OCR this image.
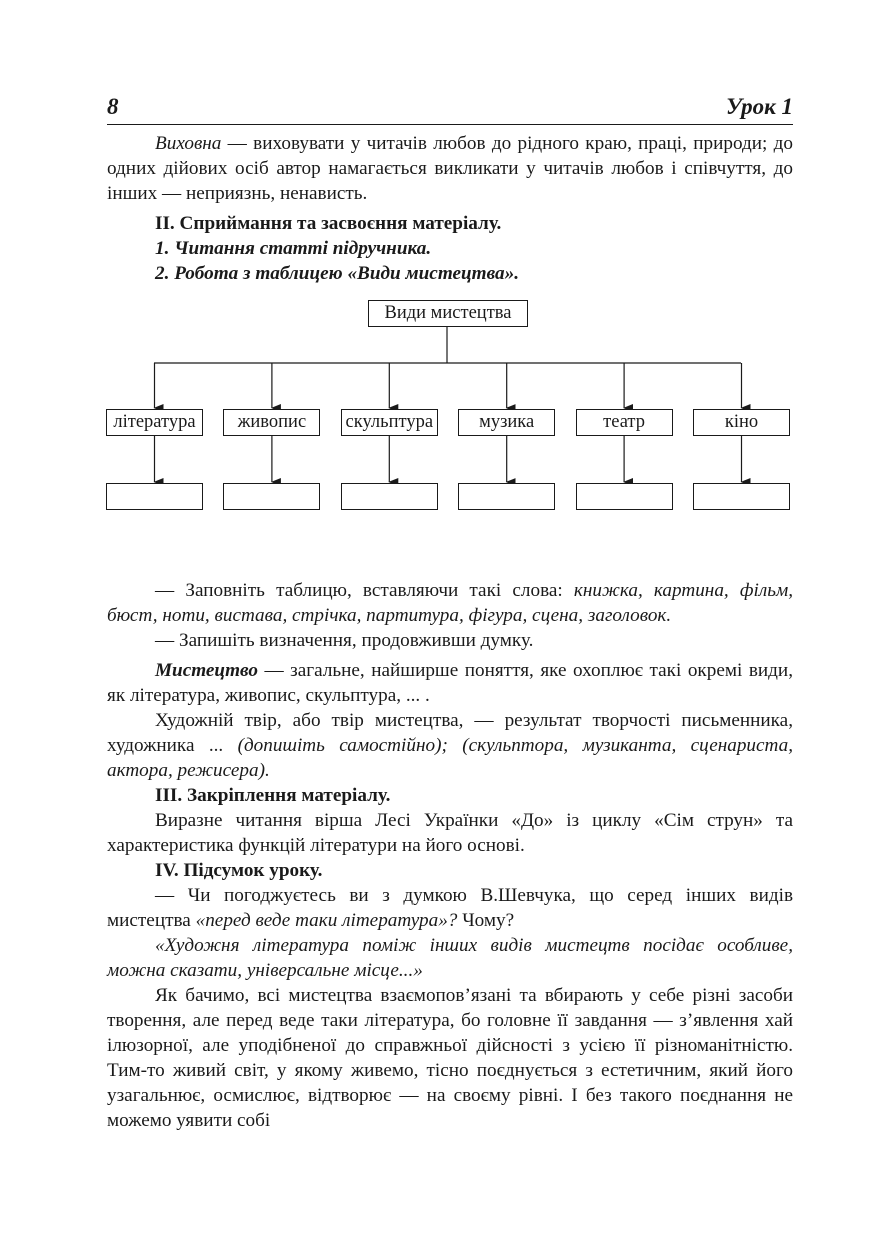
8	Урок 1

Виховна — виховувати у читачів любов до рідного краю, праці, природи; до одних дійових осіб автор намагається викликати у читачів любов і співчуття, до інших — неприязнь, ненависть.

ІІ. Сприймання та засвоєння матеріалу.

1. Читання статті підручника.

2. Робота з таблицею «Види мистецтва».

Види мистецтва
література	живопис	скульптура	музика	театр	кіно

— Заповніть таблицю, вставляючи такі слова: книжка, картина, фільм, бюст, ноти, вистава, стрічка, партитура, фігура, сцена, заголовок.

— Запишіть визначення, продовживши думку.

Мистецтво — загальне, найширше поняття, яке охоплює такі окремі види, як література, живопис, скульптура, ... .

Художній твір, або твір мистецтва, — результат творчості письменника, художника ... (допишіть самостійно); (скульптора, музиканта, сценариста, актора, режисера).

ІІІ. Закріплення матеріалу.

Виразне читання вірша Лесі Українки «До» із циклу «Сім струн» та характеристика функцій літератури на його основі.

IV. Підсумок уроку.

— Чи погоджуєтесь ви з думкою В.Шевчука, що серед інших видів мистецтва «перед веде таки література»? Чому?

«Художня література поміж інших видів мистецтв посідає особливе, можна сказати, універсальне місце...»

Як бачимо, всі мистецтва взаємопов’язані та вбирають у себе різні засоби творення, але перед веде таки література, бо головне її завдання — з’явлення хай ілюзорної, але уподібненої до справжньої дійсності з усією її різноманітністю. Тим-то живий світ, у якому живемо, тісно поєднується з естетичним, який його узагальнює, осмислює, відтворює — на своєму рівні. І без такого поєднання не можемо уявити собі
